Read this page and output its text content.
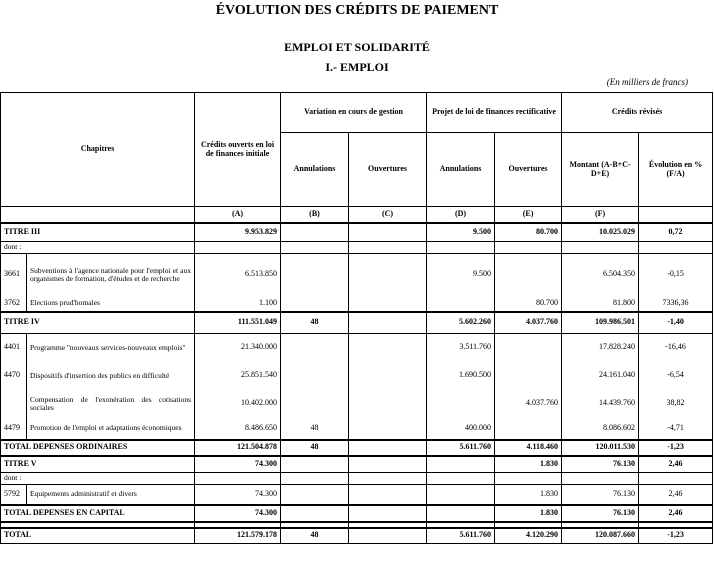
ÉVOLUTION DES CRÉDITS DE PAIEMENT
EMPLOI ET SOLIDARITÉ
I.- EMPLOI
(En milliers de francs)
Chapitres		Crédits ouverts en loi de finances initiale	Variation en cours de gestion		Projet de loi de finances rectificative		Crédits révisés	
			Annulations	Ouvertures	Annulations	Ouvertures	Montant (A-B+C-D+E)	Évolution en % (F/A)
		(A)	(B)	(C)	(D)	(E)	(F)	
TITRE III		9.953.829			9.500	80.700	10.025.029	0,72
dont :								
3661	Subventions à l'agence nationale pour l'emploi et aux organismes de formation, d'études et de recherche	6.513.850			9.500		6.504.350	-0,15
3762	Elections prud'homales	1.100				80.700	81.800	7336,36
TITRE IV		111.551.049	48		5.602.260	4.037.760	109.986.501	-1,40
4401	Programme "nouveaux services-nouveaux emplois"	21.340.000			3.511.760		17.828.240	-16,46
4470	Dispositifs d'insertion des publics en difficulté	25.851.540			1.690.500		24.161.040	-6,54
	Compensation de l'exonération des cotisations sociales	10.402.000				4.037.760	14.439.760	38,82
4479	Promotion de l'emploi et adaptations économiques	8.486.650	48		400.000		8.086.602	-4,71
TOTAL DEPENSES ORDINAIRES		121.504.878	48		5.611.760	4.118.460	120.011.530	-1,23
TITRE V		74.300				1.830	76.130	2,46
dont :								
5792	Equipements administratif et divers	74.300				1.830	76.130	2,46
TOTAL DEPENSES EN CAPITAL		74.300				1.830	76.130	2,46

TOTAL		121.579.178	48		5.611.760	4.120.290	120.087.660	-1,23
